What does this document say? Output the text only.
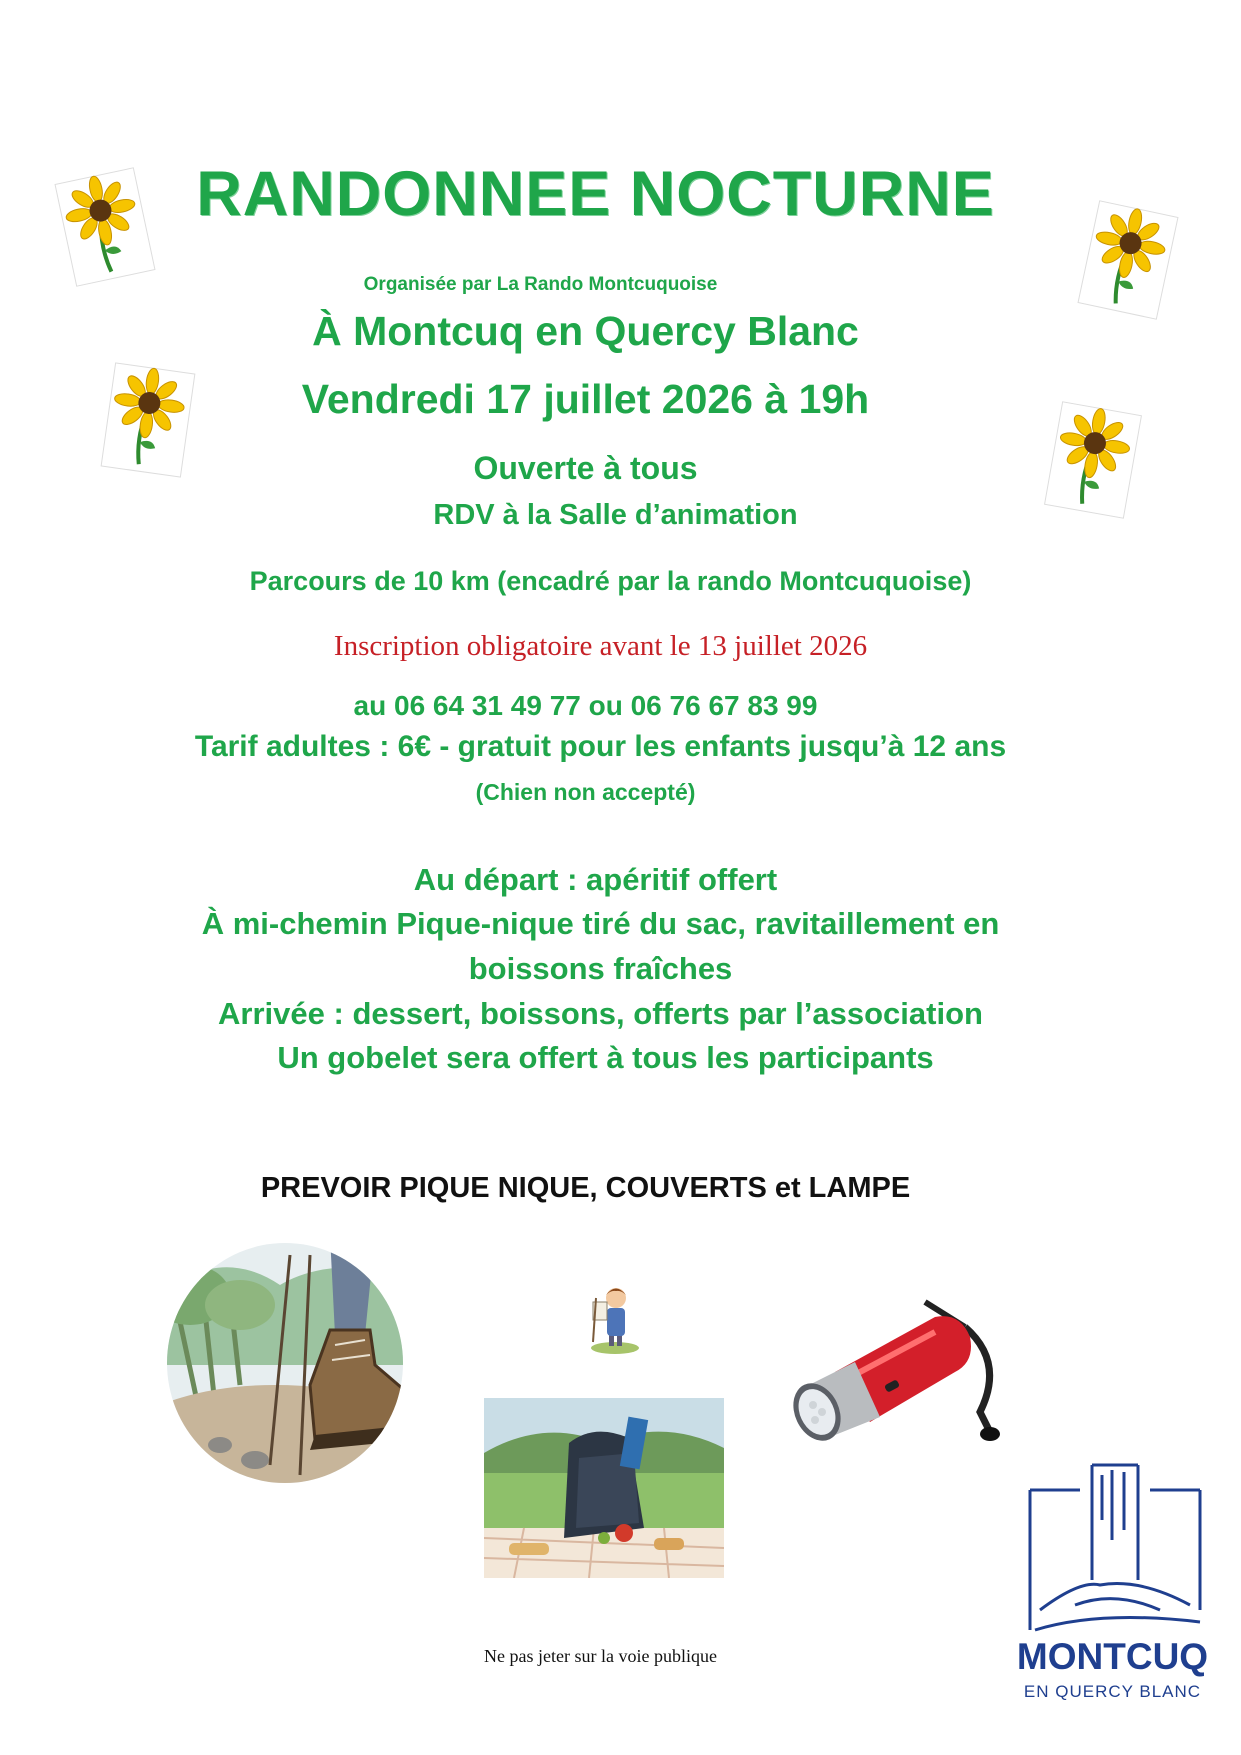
RANDONNEE NOCTURNE
Organisée par La Rando Montcuquoise
À Montcuq en Quercy Blanc
Vendredi 17 juillet 2026 à 19h
Ouverte à tous
RDV à la Salle d’animation
Parcours de 10 km (encadré par la rando Montcuquoise)
Inscription obligatoire avant le 13 juillet 2026
au 06 64 31 49 77 ou 06 76 67 83 99
Tarif adultes : 6€ - gratuit pour les enfants jusqu’à 12 ans
(Chien non accepté)
Au départ : apéritif offert
À mi-chemin Pique-nique tiré du sac, ravitaillement en
boissons fraîches
Arrivée : dessert, boissons, offerts par l’association
Un gobelet sera offert à tous les participants
PREVOIR PIQUE NIQUE, COUVERTS et LAMPE
MONTCUQ
EN QUERCY BLANC
Ne pas jeter sur la voie publique
